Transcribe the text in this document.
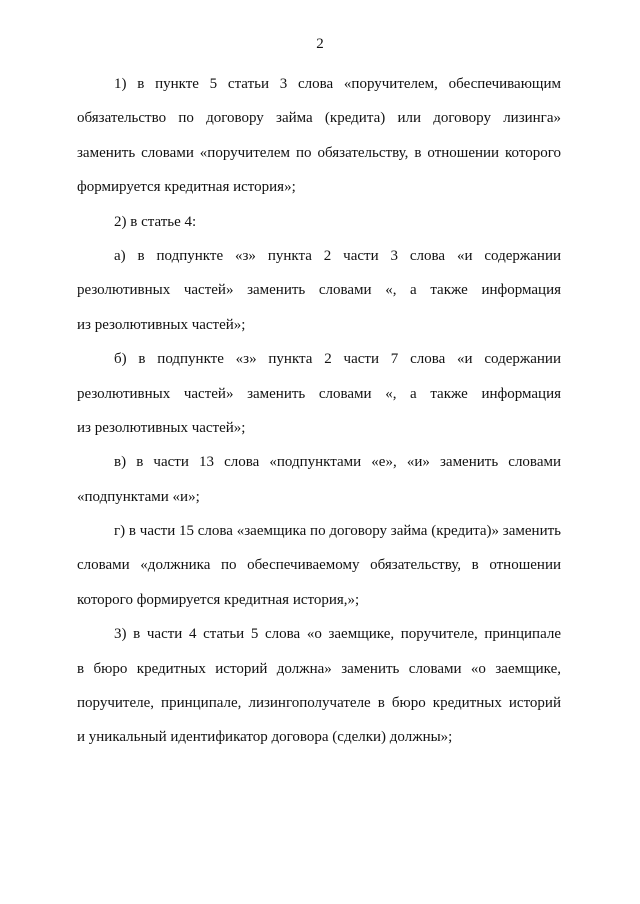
2

1) в пункте 5 статьи 3 слова «поручителем, обеспечивающим
обязательство по договору займа (кредита) или договору лизинга»
заменить словами «поручителем по обязательству, в отношении которого
формируется кредитная история»;

2) в статье 4:

а) в подпункте «з» пункта 2 части 3 слова «и содержании
резолютивных частей» заменить словами «, а также информация
из резолютивных частей»;

б) в подпункте «з» пункта 2 части 7 слова «и содержании
резолютивных частей» заменить словами «, а также информация
из резолютивных частей»;

в) в части 13 слова «подпунктами «е», «и» заменить словами
«подпунктами «и»;

г) в части 15 слова «заемщика по договору займа (кредита)» заменить
словами «должника по обеспечиваемому обязательству, в отношении
которого формируется кредитная история,»;

3) в части 4 статьи 5 слова «о заемщике, поручителе, принципале
в бюро кредитных историй должна» заменить словами «о заемщике,
поручителе, принципале, лизингополучателе в бюро кредитных историй
и уникальный идентификатор договора (сделки) должны»;
